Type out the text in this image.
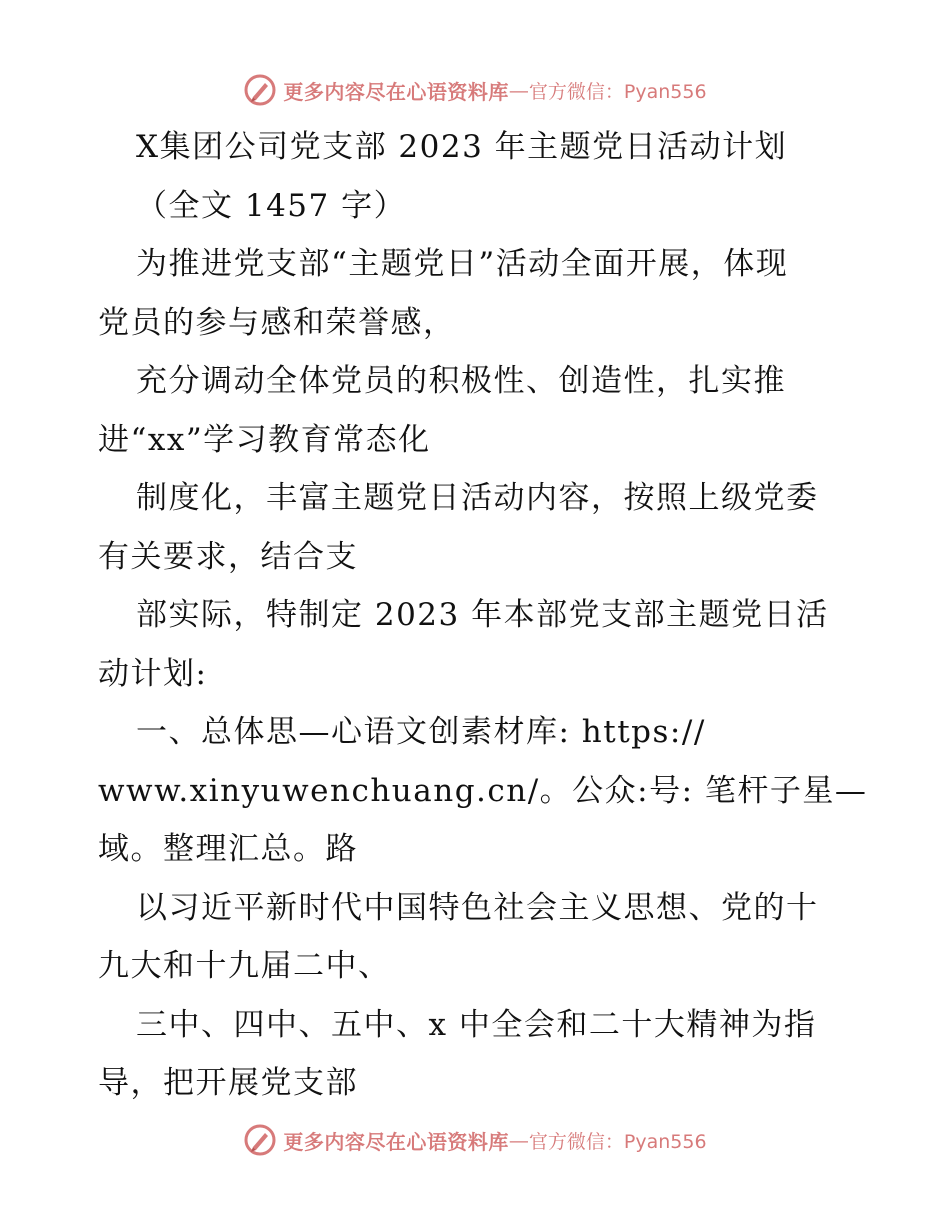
更多内容尽在心语资料库 — 官方微信：Pyan556
X集团公司党支部 2023 年主题党日活动计划
（全文 1457 字）
为推进党支部“主题党日”活动全面开展，体现
党员的参与感和荣誉感，
充分调动全体党员的积极性、创造性，扎实推
进“xx”学习教育常态化
制度化，丰富主题党日活动内容，按照上级党委
有关要求，结合支
部实际，特制定 2023 年本部党支部主题党日活
动计划:
一、总体思—心语文创素材库: https://
www.xinyuwenchuang.cn/。公众:号: 笔杆子星—
域。整理汇总。路
以习近平新时代中国特色社会主义思想、党的十
九大和十九届二中、
三中、四中、五中、x 中全会和二十大精神为指
导，把开展党支部
更多内容尽在心语资料库 — 官方微信：Pyan556
